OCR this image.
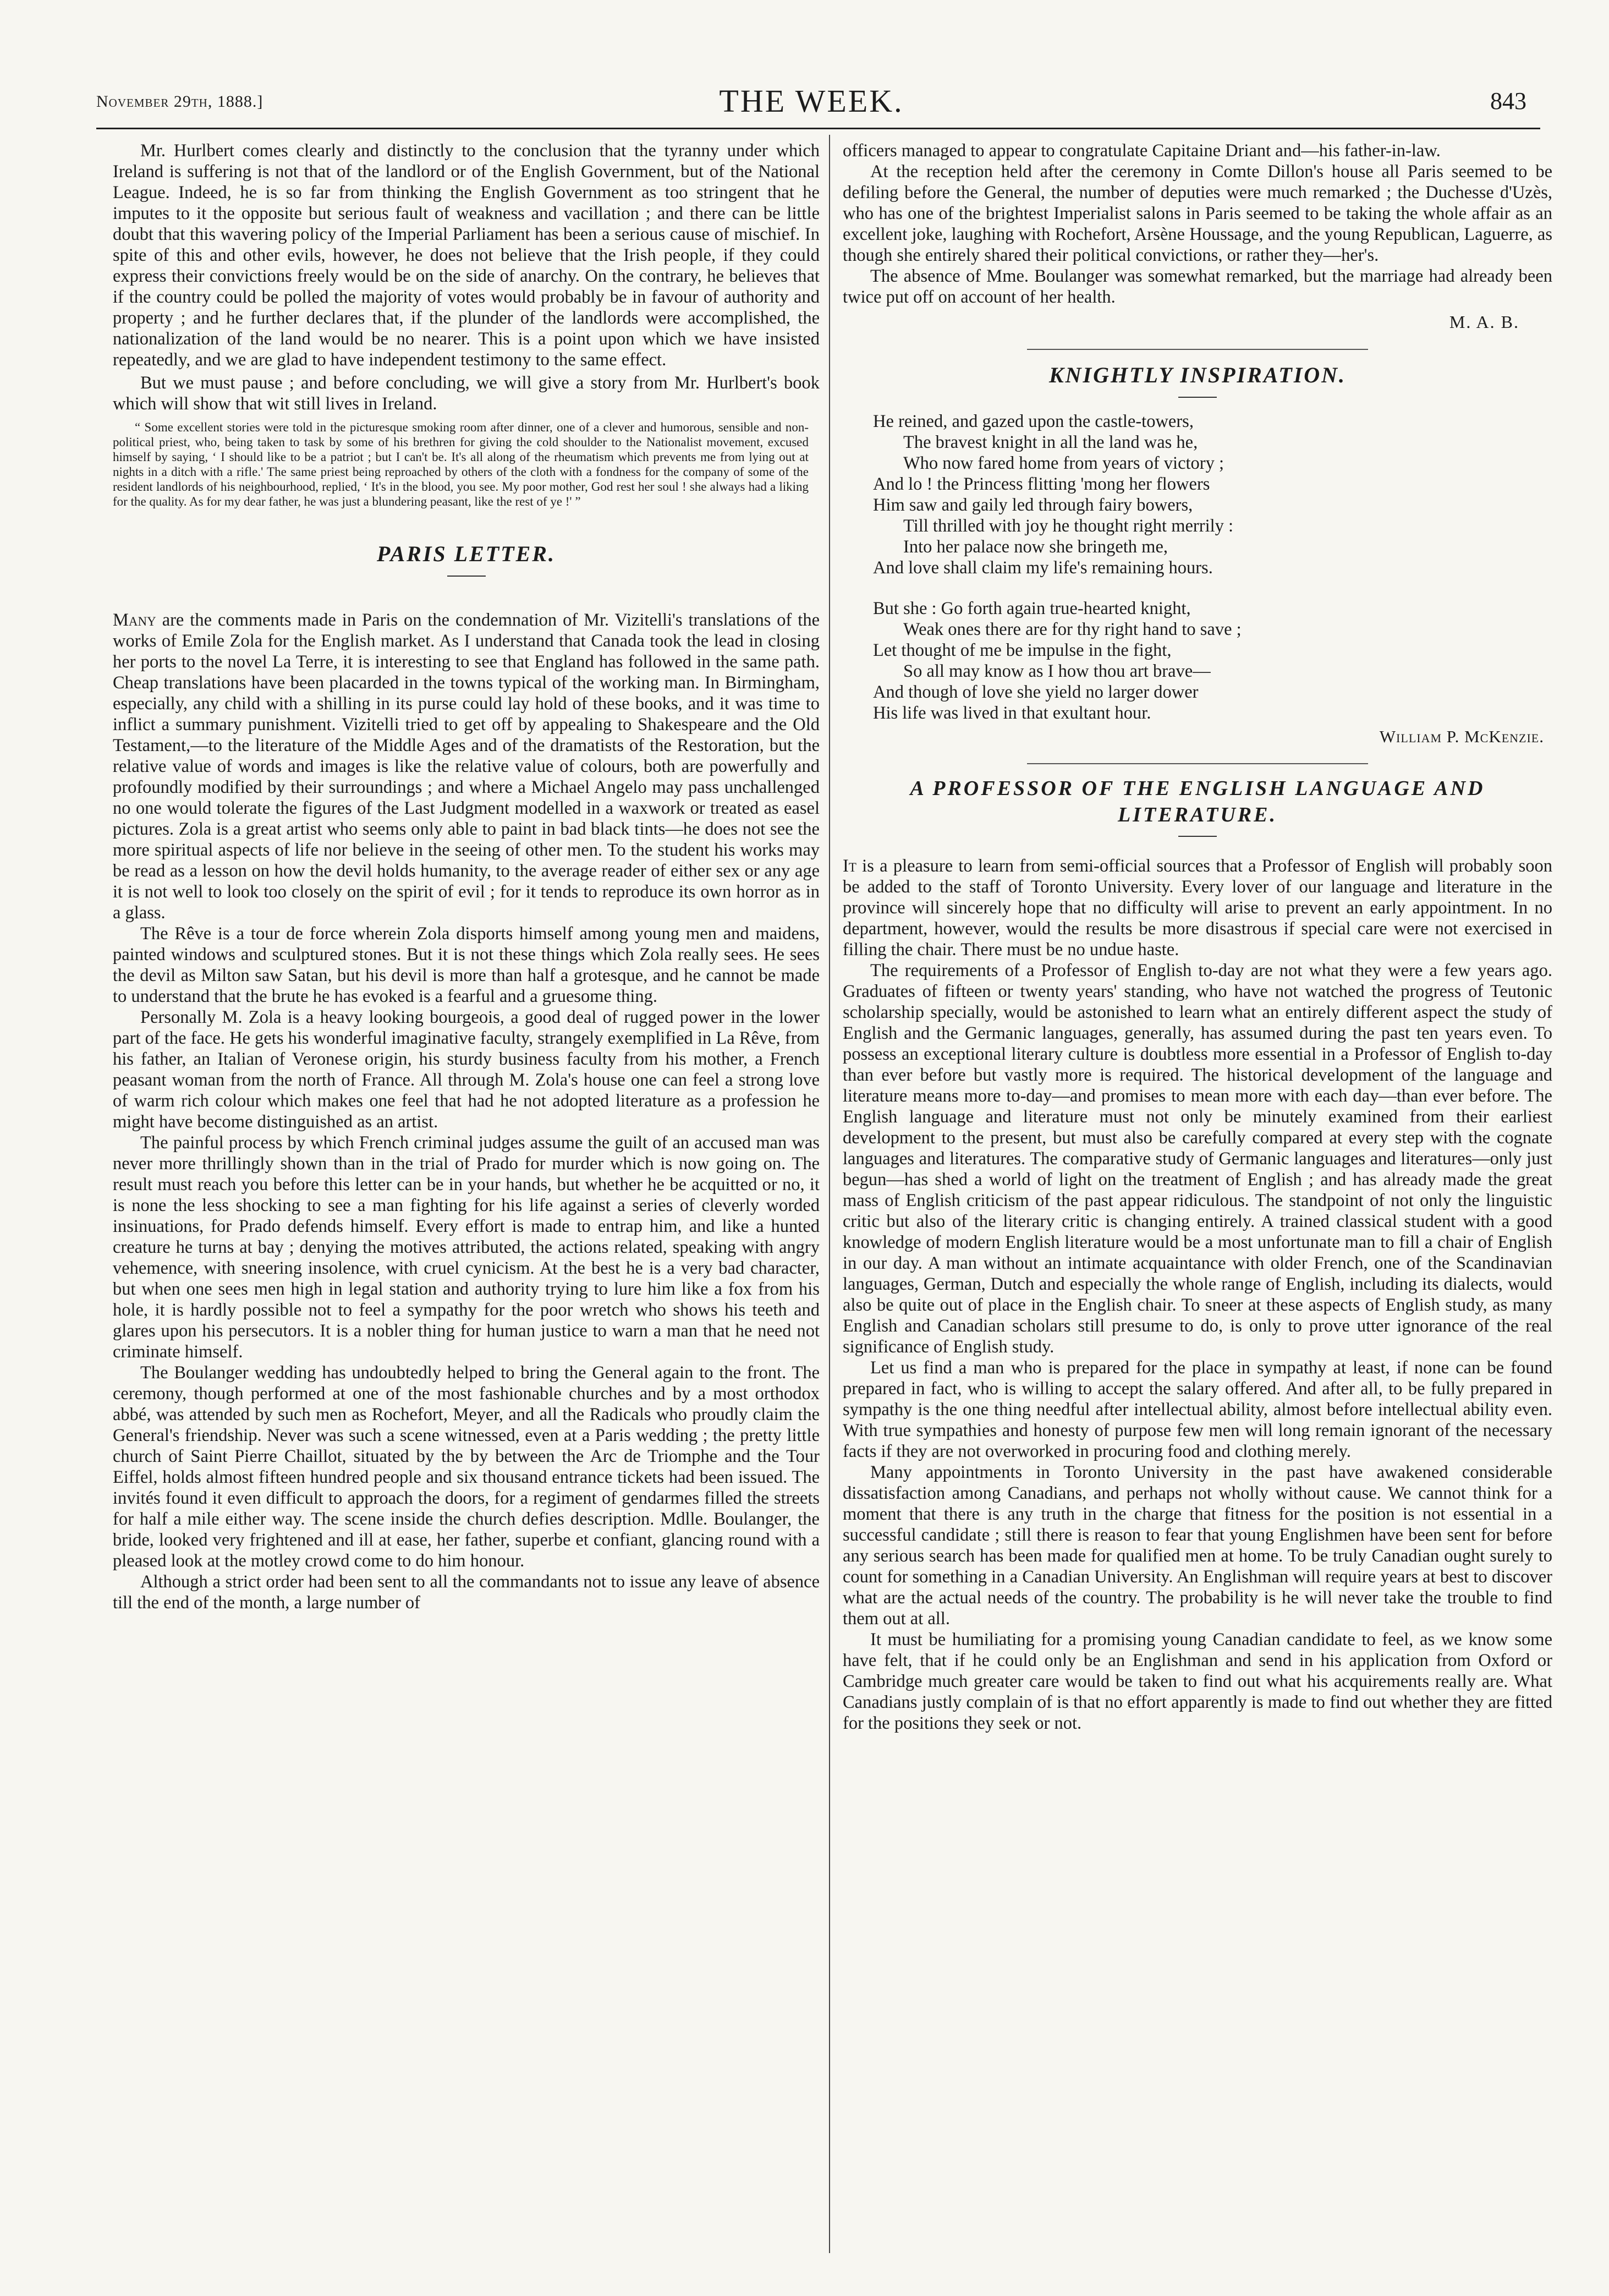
November 29th, 1888.]	THE WEEK.	843

Mr. Hurlbert comes clearly and distinctly to the conclusion that the tyranny under which Ireland is suffering is not that of the landlord or of the English Government, but of the National League. Indeed, he is so far from thinking the English Government as too stringent that he imputes to it the opposite but serious fault of weakness and vacillation ; and there can be little doubt that this wavering policy of the Imperial Parliament has been a serious cause of mischief. In spite of this and other evils, however, he does not believe that the Irish people, if they could express their convictions freely would be on the side of anarchy. On the contrary, he believes that if the country could be polled the majority of votes would probably be in favour of authority and property ; and he further declares that, if the plunder of the landlords were accomplished, the nationalization of the land would be no nearer. This is a point upon which we have insisted repeatedly, and we are glad to have independent testimony to the same effect.

But we must pause ; and before concluding, we will give a story from Mr. Hurlbert's book which will show that wit still lives in Ireland.

“ Some excellent stories were told in the picturesque smoking room after dinner, one of a clever and humorous, sensible and non-political priest, who, being taken to task by some of his brethren for giving the cold shoulder to the Nationalist movement, excused himself by saying, ‘ I should like to be a patriot ; but I can't be. It's all along of the rheumatism which prevents me from lying out at nights in a ditch with a rifle.' The same priest being reproached by others of the cloth with a fondness for the company of some of the resident landlords of his neighbourhood, replied, ‘ It's in the blood, you see. My poor mother, God rest her soul ! she always had a liking for the quality. As for my dear father, he was just a blundering peasant, like the rest of ye !' ”
PARIS LETTER.

Many are the comments made in Paris on the condemnation of Mr. Vizitelli's translations of the works of Emile Zola for the English market. As I understand that Canada took the lead in closing her ports to the novel La Terre, it is interesting to see that England has followed in the same path. Cheap translations have been placarded in the towns typical of the working man. In Birmingham, especially, any child with a shilling in its purse could lay hold of these books, and it was time to inflict a summary punishment. Vizitelli tried to get off by appealing to Shakespeare and the Old Testament,—to the literature of the Middle Ages and of the dramatists of the Restoration, but the relative value of words and images is like the relative value of colours, both are powerfully and profoundly modified by their surroundings ; and where a Michael Angelo may pass unchallenged no one would tolerate the figures of the Last Judgment modelled in a waxwork or treated as easel pictures. Zola is a great artist who seems only able to paint in bad black tints—he does not see the more spiritual aspects of life nor believe in the seeing of other men. To the student his works may be read as a lesson on how the devil holds humanity, to the average reader of either sex or any age it is not well to look too closely on the spirit of evil ; for it tends to reproduce its own horror as in a glass.

The Rêve is a tour de force wherein Zola disports himself among young men and maidens, painted windows and sculptured stones. But it is not these things which Zola really sees. He sees the devil as Milton saw Satan, but his devil is more than half a grotesque, and he cannot be made to understand that the brute he has evoked is a fearful and a gruesome thing.

Personally M. Zola is a heavy looking bourgeois, a good deal of rugged power in the lower part of the face. He gets his wonderful imaginative faculty, strangely exemplified in La Rêve, from his father, an Italian of Veronese origin, his sturdy business faculty from his mother, a French peasant woman from the north of France. All through M. Zola's house one can feel a strong love of warm rich colour which makes one feel that had he not adopted literature as a profession he might have become distinguished as an artist.

The painful process by which French criminal judges assume the guilt of an accused man was never more thrillingly shown than in the trial of Prado for murder which is now going on. The result must reach you before this letter can be in your hands, but whether he be acquitted or no, it is none the less shocking to see a man fighting for his life against a series of cleverly worded insinuations, for Prado defends himself. Every effort is made to entrap him, and like a hunted creature he turns at bay ; denying the motives attributed, the actions related, speaking with angry vehemence, with sneering insolence, with cruel cynicism. At the best he is a very bad character, but when one sees men high in legal station and authority trying to lure him like a fox from his hole, it is hardly possible not to feel a sympathy for the poor wretch who shows his teeth and glares upon his persecutors. It is a nobler thing for human justice to warn a man that he need not criminate himself.

The Boulanger wedding has undoubtedly helped to bring the General again to the front. The ceremony, though performed at one of the most fashionable churches and by a most orthodox abbé, was attended by such men as Rochefort, Meyer, and all the Radicals who proudly claim the General's friendship. Never was such a scene witnessed, even at a Paris wedding ; the pretty little church of Saint Pierre Chaillot, situated by the by between the Arc de Triomphe and the Tour Eiffel, holds almost fifteen hundred people and six thousand entrance tickets had been issued. The invités found it even difficult to approach the doors, for a regiment of gendarmes filled the streets for half a mile either way. The scene inside the church defies description. Mdlle. Boulanger, the bride, looked very frightened and ill at ease, her father, superbe et confiant, glancing round with a pleased look at the motley crowd come to do him honour.

Although a strict order had been sent to all the commandants not to issue any leave of absence till the end of the month, a large number of

officers managed to appear to congratulate Capitaine Driant and—his father-in-law.

At the reception held after the ceremony in Comte Dillon's house all Paris seemed to be defiling before the General, the number of deputies were much remarked ; the Duchesse d'Uzès, who has one of the brightest Imperialist salons in Paris seemed to be taking the whole affair as an excellent joke, laughing with Rochefort, Arsène Houssage, and the young Republican, Laguerre, as though she entirely shared their political convictions, or rather they—her's.

The absence of Mme. Boulanger was somewhat remarked, but the marriage had already been twice put off on account of her health.

M. A. B.
KNIGHTLY INSPIRATION.
He reined, and gazed upon the castle-towers,
The bravest knight in all the land was he,
Who now fared home from years of victory ;
And lo ! the Princess flitting 'mong her flowers
Him saw and gaily led through fairy bowers,
Till thrilled with joy he thought right merrily :
Into her palace now she bringeth me,
And love shall claim my life's remaining hours.
But she : Go forth again true-hearted knight,
Weak ones there are for thy right hand to save ;
Let thought of me be impulse in the fight,
So all may know as I how thou art brave—
And though of love she yield no larger dower
His life was lived in that exultant hour.
William P. McKenzie.
A PROFESSOR OF THE ENGLISH LANGUAGE AND
LITERATURE.

It is a pleasure to learn from semi-official sources that a Professor of English will probably soon be added to the staff of Toronto University. Every lover of our language and literature in the province will sincerely hope that no difficulty will arise to prevent an early appointment. In no department, however, would the results be more disastrous if special care were not exercised in filling the chair. There must be no undue haste.

The requirements of a Professor of English to-day are not what they were a few years ago. Graduates of fifteen or twenty years' standing, who have not watched the progress of Teutonic scholarship specially, would be astonished to learn what an entirely different aspect the study of English and the Germanic languages, generally, has assumed during the past ten years even. To possess an exceptional literary culture is doubtless more essential in a Professor of English to-day than ever before but vastly more is required. The historical development of the language and literature means more to-day—and promises to mean more with each day—than ever before. The English language and literature must not only be minutely examined from their earliest development to the present, but must also be carefully compared at every step with the cognate languages and literatures. The comparative study of Germanic languages and literatures—only just begun—has shed a world of light on the treatment of English ; and has already made the great mass of English criticism of the past appear ridiculous. The standpoint of not only the linguistic critic but also of the literary critic is changing entirely. A trained classical student with a good knowledge of modern English literature would be a most unfortunate man to fill a chair of English in our day. A man without an intimate acquaintance with older French, one of the Scandinavian languages, German, Dutch and especially the whole range of English, including its dialects, would also be quite out of place in the English chair. To sneer at these aspects of English study, as many English and Canadian scholars still presume to do, is only to prove utter ignorance of the real significance of English study.

Let us find a man who is prepared for the place in sympathy at least, if none can be found prepared in fact, who is willing to accept the salary offered. And after all, to be fully prepared in sympathy is the one thing needful after intellectual ability, almost before intellectual ability even. With true sympathies and honesty of purpose few men will long remain ignorant of the necessary facts if they are not overworked in procuring food and clothing merely.

Many appointments in Toronto University in the past have awakened considerable dissatisfaction among Canadians, and perhaps not wholly without cause. We cannot think for a moment that there is any truth in the charge that fitness for the position is not essential in a successful candidate ; still there is reason to fear that young Englishmen have been sent for before any serious search has been made for qualified men at home. To be truly Canadian ought surely to count for something in a Canadian University. An Englishman will require years at best to discover what are the actual needs of the country. The probability is he will never take the trouble to find them out at all.

It must be humiliating for a promising young Canadian candidate to feel, as we know some have felt, that if he could only be an Englishman and send in his application from Oxford or Cambridge much greater care would be taken to find out what his acquirements really are. What Canadians justly complain of is that no effort apparently is made to find out whether they are fitted for the positions they seek or not.
